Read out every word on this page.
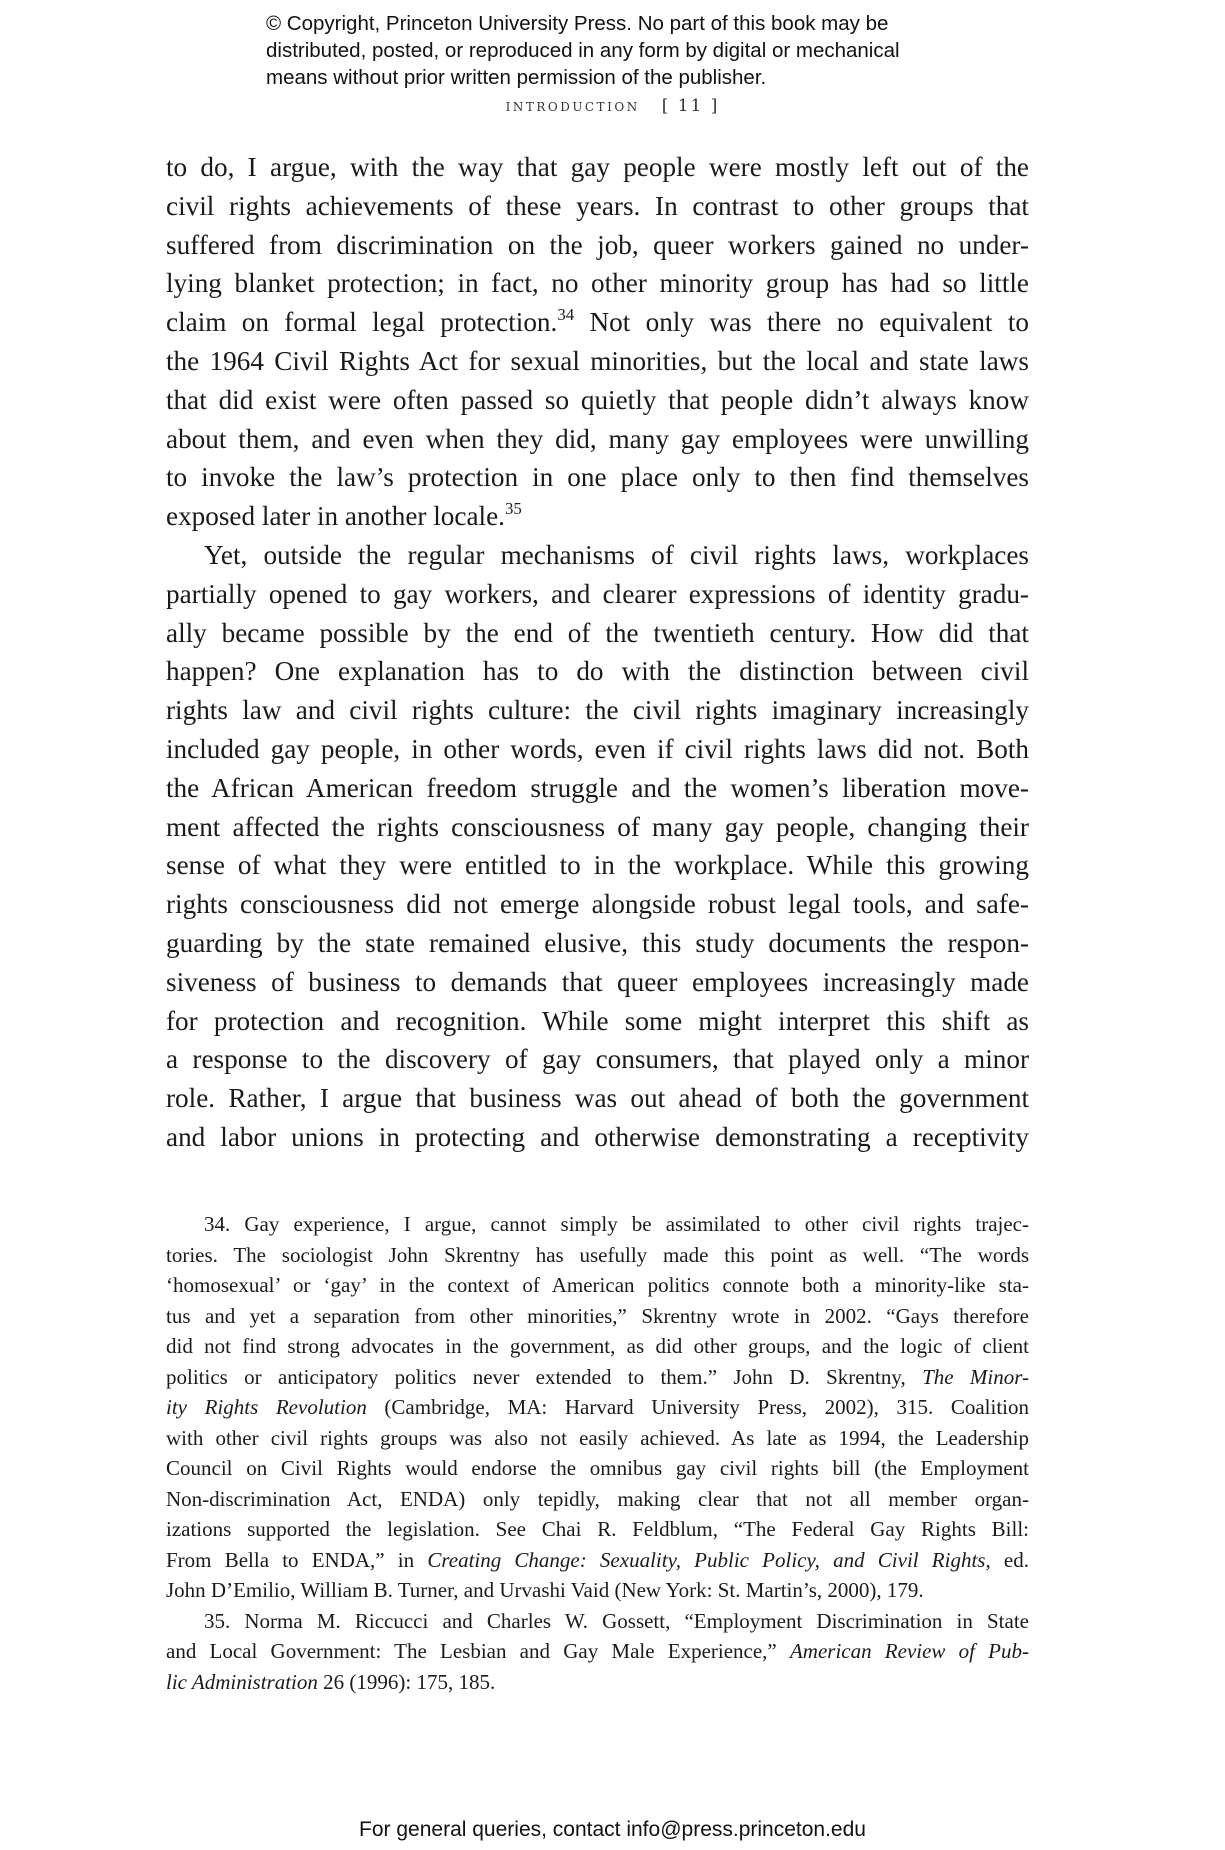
© Copyright, Princeton University Press. No part of this book may be
distributed, posted, or reproduced in any form by digital or mechanical
means without prior written permission of the publisher.
introduction [ 11 ]
to do, I argue, with the way that gay people were mostly left out of the
civil rights achievements of these years. In contrast to other groups that
suffered from discrimination on the job, queer workers gained no under-
lying blanket protection; in fact, no other minority group has had so little
claim on formal legal protection.$^{34}$ Not only was there no equivalent to
the 1964 Civil Rights Act for sexual minorities, but the local and state laws
that did exist were often passed so quietly that people didn’t always know
about them, and even when they did, many gay employees were unwilling
to invoke the law’s protection in one place only to then find themselves
exposed later in another locale.$^{35}$
Yet, outside the regular mechanisms of civil rights laws, workplaces
partially opened to gay workers, and clearer expressions of identity gradu-
ally became possible by the end of the twentieth century. How did that
happen? One explanation has to do with the distinction between civil
rights law and civil rights culture: the civil rights imaginary increasingly
included gay people, in other words, even if civil rights laws did not. Both
the African American freedom struggle and the women’s liberation move-
ment affected the rights consciousness of many gay people, changing their
sense of what they were entitled to in the workplace. While this growing
rights consciousness did not emerge alongside robust legal tools, and safe-
guarding by the state remained elusive, this study documents the respon-
siveness of business to demands that queer employees increasingly made
for protection and recognition. While some might interpret this shift as
a response to the discovery of gay consumers, that played only a minor
role. Rather, I argue that business was out ahead of both the government
and labor unions in protecting and otherwise demonstrating a receptivity
34. Gay experience, I argue, cannot simply be assimilated to other civil rights trajec-
tories. The sociologist John Skrentny has usefully made this point as well. “The words
‘homosexual’ or ‘gay’ in the context of American politics connote both a minority-like sta-
tus and yet a separation from other minorities,” Skrentny wrote in 2002. “Gays therefore
did not find strong advocates in the government, as did other groups, and the logic of client
politics or anticipatory politics never extended to them.” John D. Skrentny, The Minor-
ity Rights Revolution (Cambridge, MA: Harvard University Press, 2002), 315. Coalition
with other civil rights groups was also not easily achieved. As late as 1994, the Leadership
Council on Civil Rights would endorse the omnibus gay civil rights bill (the Employment
Non-discrimination Act, ENDA) only tepidly, making clear that not all member organ-
izations supported the legislation. See Chai R. Feldblum, “The Federal Gay Rights Bill:
From Bella to ENDA,” in Creating Change: Sexuality, Public Policy, and Civil Rights, ed.
John D’Emilio, William B. Turner, and Urvashi Vaid (New York: St. Martin’s, 2000), 179.
35. Norma M. Riccucci and Charles W. Gossett, “Employment Discrimination in State
and Local Government: The Lesbian and Gay Male Experience,” American Review of Pub-
lic Administration 26 (1996): 175, 185.
For general queries, contact info@press.princeton.edu
